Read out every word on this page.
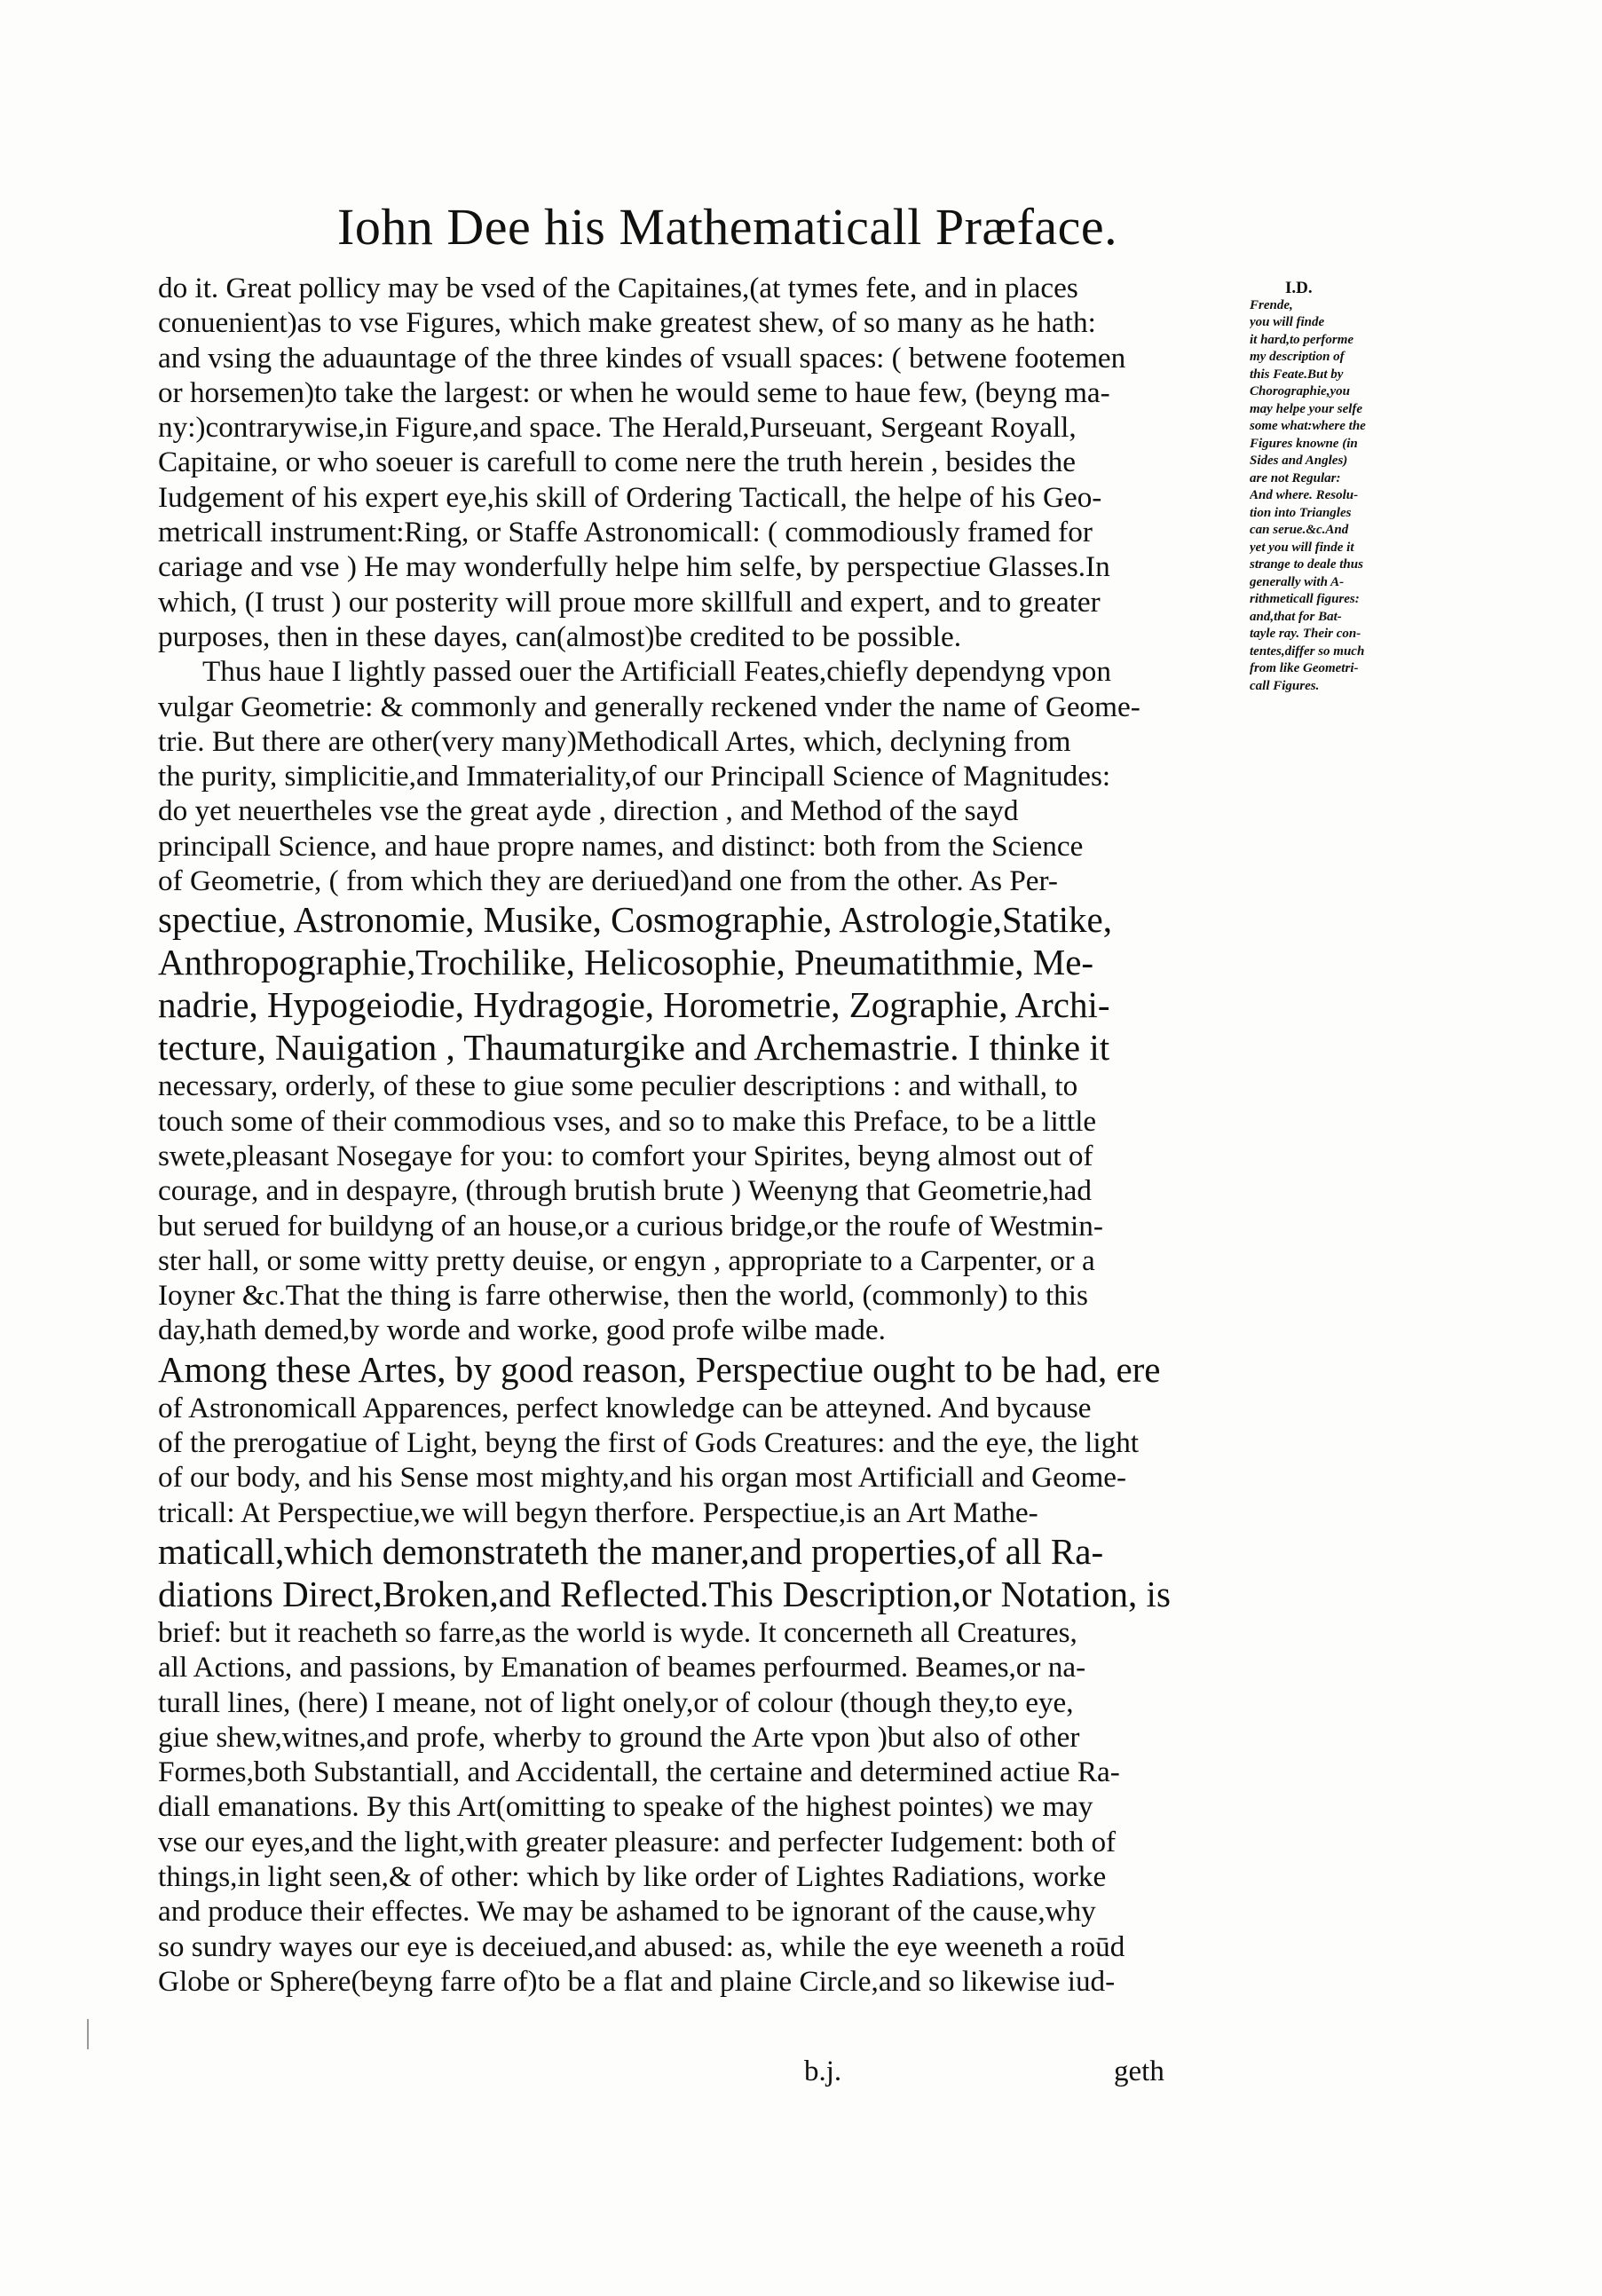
Iohn Dee his Mathematicall Præface.
do it. Great pollicy may be vsed of the Capitaines,(at tymes fete, and in places
conuenient)as to vse Figures, which make greatest shew, of so many as he hath:
and vsing the aduauntage of the three kindes of vsuall spaces: ( betwene footemen
or horsemen)to take the largest: or when he would seme to haue few, (beyng ma-
ny:)contrarywise,in Figure,and space. The Herald,Purseuant, Sergeant Royall,
Capitaine, or who soeuer is carefull to come nere the truth herein , besides the
Iudgement of his expert eye,his skill of Ordering Tacticall, the helpe of his Geo-
metricall instrument:Ring, or Staffe Astronomicall: ( commodiously framed for
cariage and vse ) He may wonderfully helpe him selfe, by perspectiue Glasses.In
which, (I trust ) our posterity will proue more skillfull and expert, and to greater
purposes, then in these dayes, can(almost)be credited to be possible.
Thus haue I lightly passed ouer the Artificiall Feates,chiefly dependyng vpon
vulgar Geometrie: & commonly and generally reckened vnder the name of Geome-
trie. But there are other(very many)Methodicall Artes, which, declyning from
the purity, simplicitie,and Immateriality,of our Principall Science of Magnitudes:
do yet neuertheles vse the great ayde , direction , and Method of the sayd
principall Science, and haue propre names, and distinct: both from the Science
of Geometrie, ( from which they are deriued)and one from the other. As Per-
spectiue, Astronomie, Musike, Cosmographie, Astrologie,Statike,
Anthropographie,Trochilike, Helicosophie, Pneumatithmie, Me-
nadrie, Hypogeiodie, Hydragogie, Horometrie, Zographie, Archi-
tecture, Nauigation , Thaumaturgike and Archemastrie. I thinke it
necessary, orderly, of these to giue some peculier descriptions : and withall, to
touch some of their commodious vses, and so to make this Preface, to be a little
swete,pleasant Nosegaye for you: to comfort your Spirites, beyng almost out of
courage, and in despayre, (through brutish brute ) Weenyng that Geometrie,had
but serued for buildyng of an house,or a curious bridge,or the roufe of Westmin-
ster hall, or some witty pretty deuise, or engyn , appropriate to a Carpenter, or a
Ioyner &c.That the thing is farre otherwise, then the world, (commonly) to this
day,hath demed,by worde and worke, good profe wilbe made.
Among these Artes, by good reason, Perspectiue ought to be had, ere
of Astronomicall Apparences, perfect knowledge can be atteyned. And bycause
of the prerogatiue of Light, beyng the first of Gods Creatures: and the eye, the light
of our body, and his Sense most mighty,and his organ most Artificiall and Geome-
tricall: At Perspectiue,we will begyn therfore. Perspectiue,is an Art Mathe-
maticall,which demonstrateth the maner,and properties,of all Ra-
diations Direct,Broken,and Reflected.This Description,or Notation, is
brief: but it reacheth so farre,as the world is wyde. It concerneth all Creatures,
all Actions, and passions, by Emanation of beames perfourmed. Beames,or na-
turall lines, (here) I meane, not of light onely,or of colour (though they,to eye,
giue shew,witnes,and profe, wherby to ground the Arte vpon )but also of other
Formes,both Substantiall, and Accidentall, the certaine and determined actiue Ra-
diall emanations. By this Art(omitting to speake of the highest pointes) we may
vse our eyes,and the light,with greater pleasure: and perfecter Iudgement: both of
things,in light seen,& of other: which by like order of Lightes Radiations, worke
and produce their effectes. We may be ashamed to be ignorant of the cause,why
so sundry wayes our eye is deceiued,and abused: as, while the eye weeneth a roūd
Globe or Sphere(beyng farre of)to be a flat and plaine Circle,and so likewise iud-
I.D.
Frende,
you will finde
it hard,to performe
my description of
this Feate.But by
Chorographie,you
may helpe your selfe
some what:where the
Figures knowne (in
Sides and Angles)
are not Regular:
And where. Resolu-
tion into Triangles
can serue.&c.And
yet you will finde it
strange to deale thus
generally with A-
rithmeticall figures:
and,that for Bat-
tayle ray. Their con-
tentes,differ so much
from like Geometri-
call Figures.
b.j.	geth
